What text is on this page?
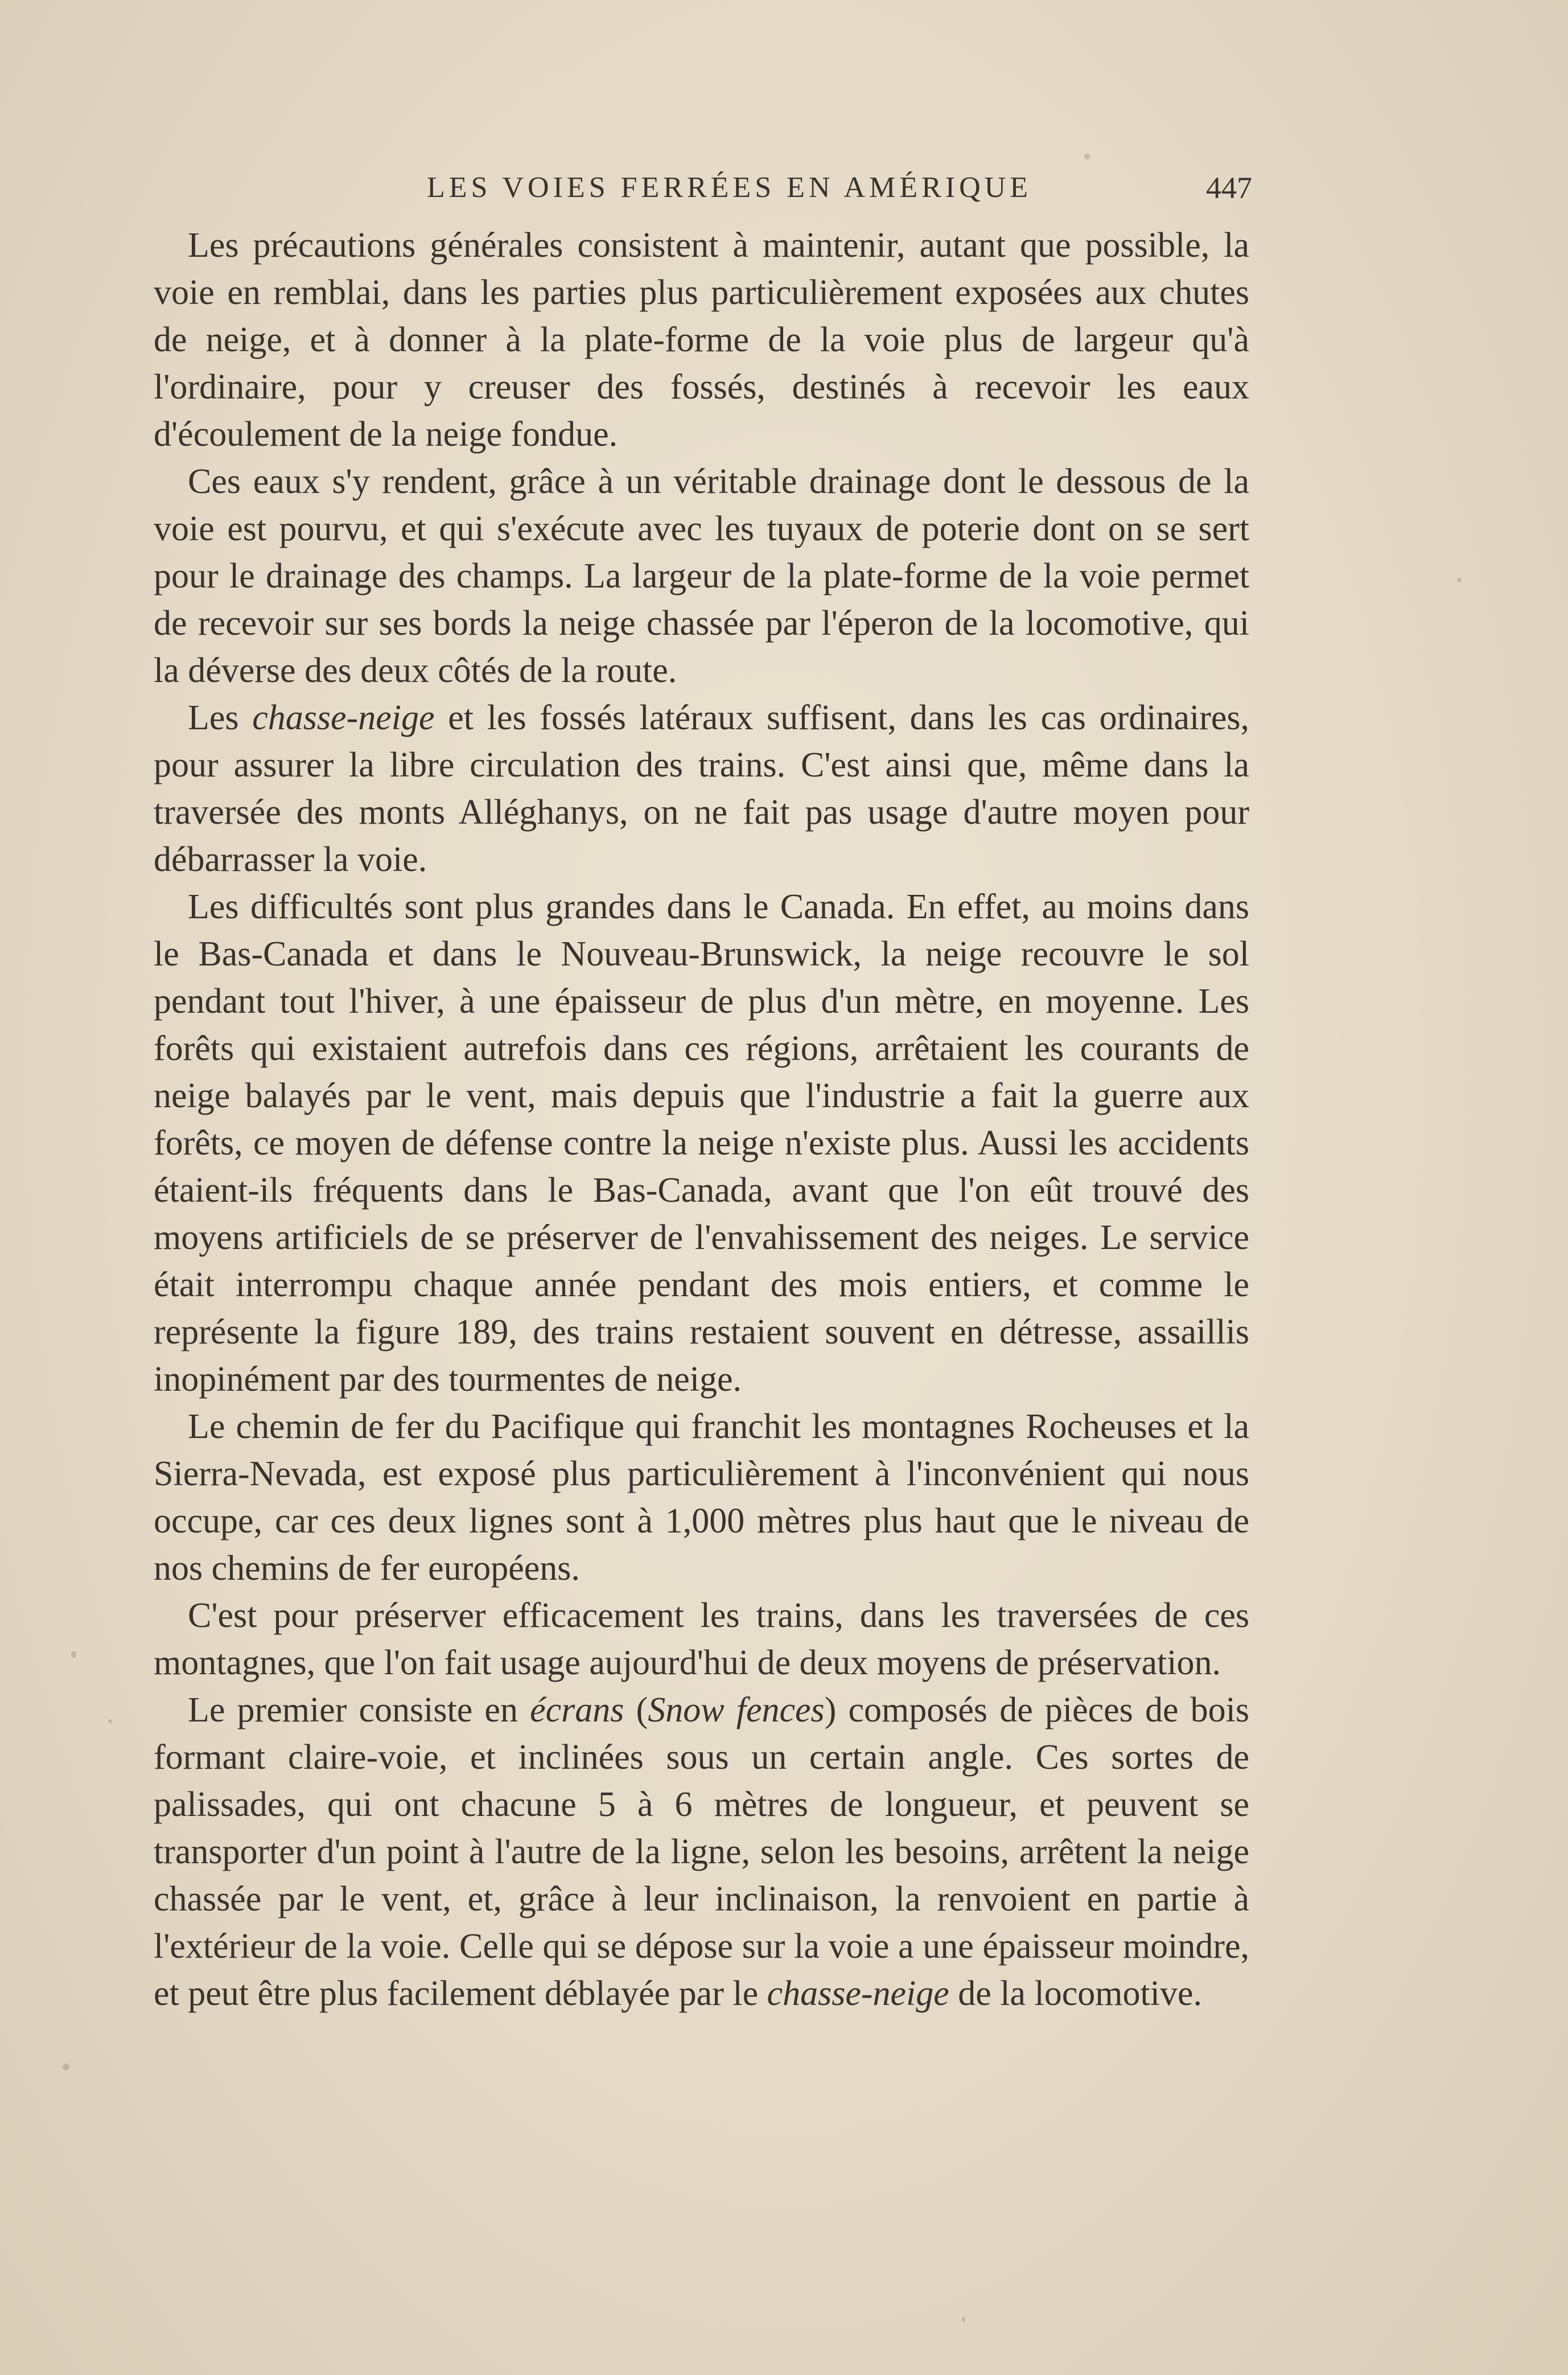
LES VOIES FERRÉES EN AMÉRIQUE	447

Les précautions générales consistent à maintenir, autant que possible, la voie en remblai, dans les parties plus particulièrement exposées aux chutes de neige, et à donner à la plate-forme de la voie plus de largeur qu'à l'ordinaire, pour y creuser des fossés, destinés à recevoir les eaux d'écoulement de la neige fondue.

Ces eaux s'y rendent, grâce à un véritable drainage dont le dessous de la voie est pourvu, et qui s'exécute avec les tuyaux de poterie dont on se sert pour le drainage des champs. La largeur de la plate-forme de la voie permet de recevoir sur ses bords la neige chassée par l'éperon de la locomotive, qui la déverse des deux côtés de la route.

Les chasse-neige et les fossés latéraux suffisent, dans les cas ordinaires, pour assurer la libre circulation des trains. C'est ainsi que, même dans la traversée des monts Alléghanys, on ne fait pas usage d'autre moyen pour débarrasser la voie.

Les difficultés sont plus grandes dans le Canada. En effet, au moins dans le Bas-Canada et dans le Nouveau-Brunswick, la neige recouvre le sol pendant tout l'hiver, à une épaisseur de plus d'un mètre, en moyenne. Les forêts qui existaient autrefois dans ces régions, arrêtaient les courants de neige balayés par le vent, mais depuis que l'industrie a fait la guerre aux forêts, ce moyen de défense contre la neige n'existe plus. Aussi les accidents étaient-ils fréquents dans le Bas-Canada, avant que l'on eût trouvé des moyens artificiels de se préserver de l'envahissement des neiges. Le service était interrompu chaque année pendant des mois entiers, et comme le représente la figure 189, des trains restaient souvent en détresse, assaillis inopinément par des tourmentes de neige.

Le chemin de fer du Pacifique qui franchit les montagnes Rocheuses et la Sierra-Nevada, est exposé plus particulièrement à l'inconvénient qui nous occupe, car ces deux lignes sont à 1,000 mètres plus haut que le niveau de nos chemins de fer européens.

C'est pour préserver efficacement les trains, dans les traversées de ces montagnes, que l'on fait usage aujourd'hui de deux moyens de préservation.

Le premier consiste en écrans (Snow fences) composés de pièces de bois formant claire-voie, et inclinées sous un certain angle. Ces sortes de palissades, qui ont chacune 5 à 6 mètres de longueur, et peuvent se transporter d'un point à l'autre de la ligne, selon les besoins, arrêtent la neige chassée par le vent, et, grâce à leur inclinaison, la renvoient en partie à l'extérieur de la voie. Celle qui se dépose sur la voie a une épaisseur moindre, et peut être plus facilement déblayée par le chasse-neige de la locomotive.
